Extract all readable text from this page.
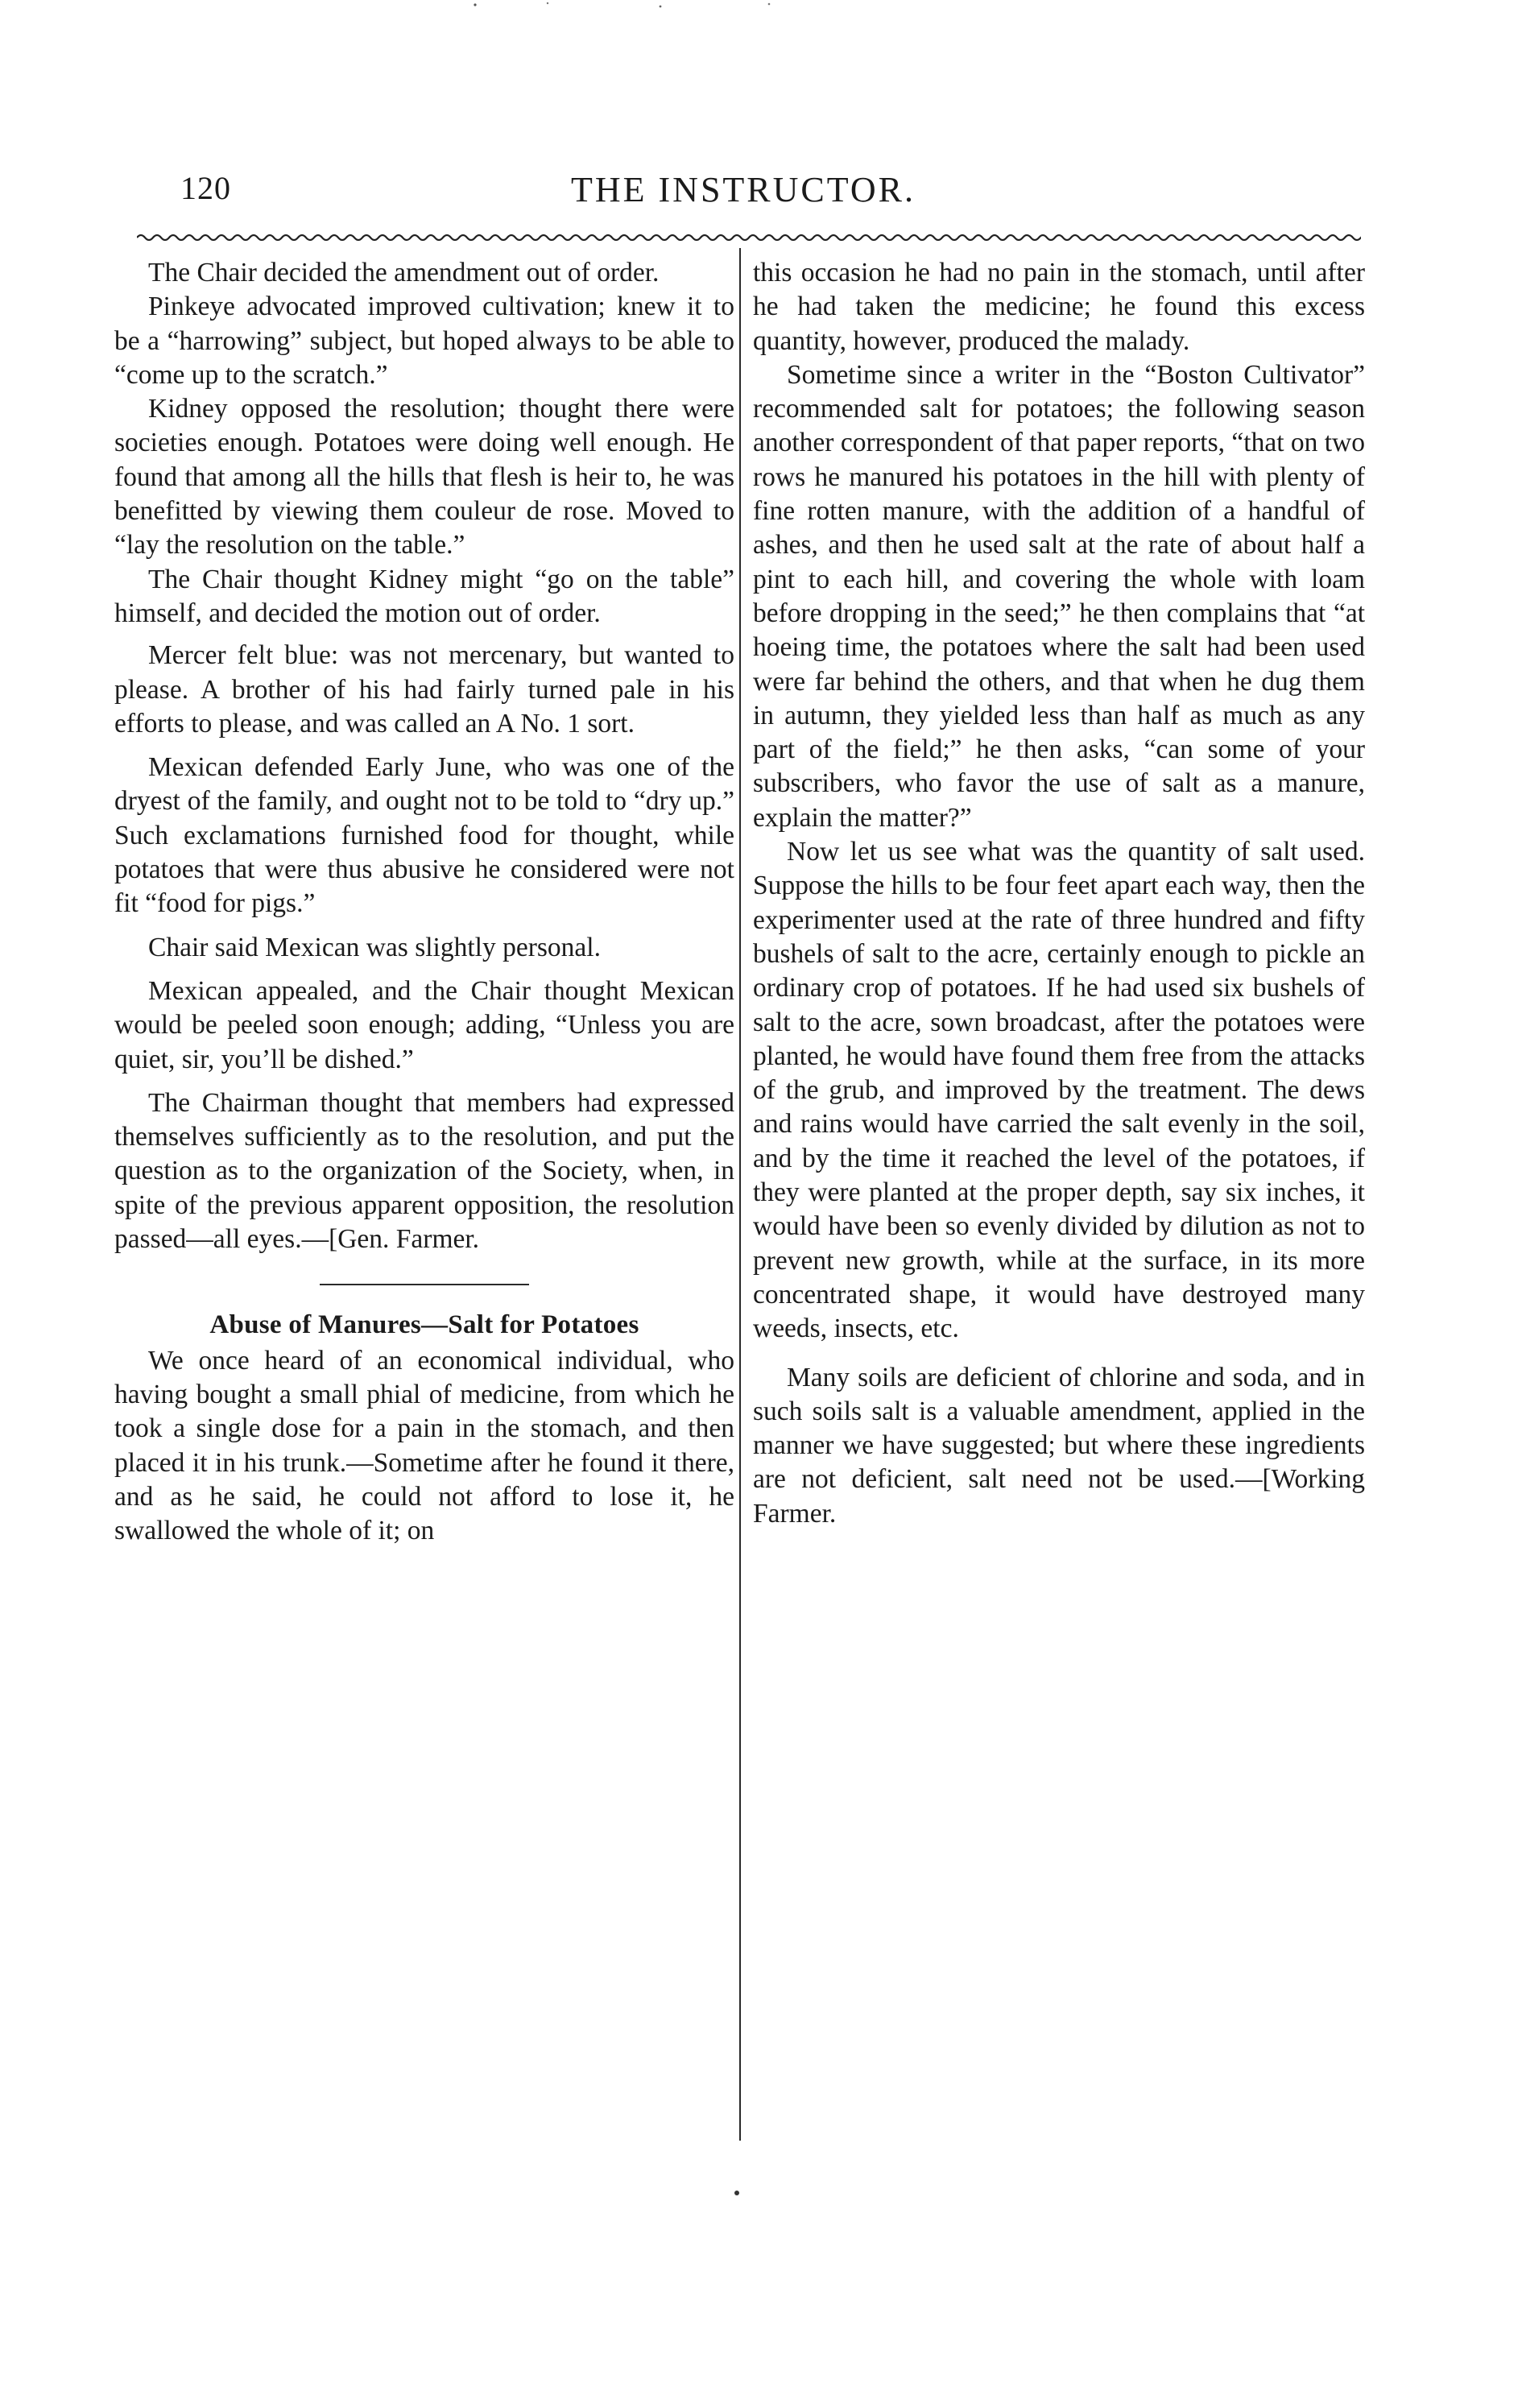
120	THE INSTRUCTOR.

The Chair decided the amendment out of order.

Pinkeye advocated improved cultivation; knew it to be a “harrowing” subject, but hoped always to be able to “come up to the scratch.”

Kidney opposed the resolution; thought there were societies enough. Potatoes were doing well enough. He found that among all the hills that flesh is heir to, he was benefitted by viewing them couleur de rose. Moved to “lay the resolution on the table.”

The Chair thought Kidney might “go on the table” himself, and decided the motion out of order.

Mercer felt blue: was not mercenary, but wanted to please. A brother of his had fairly turned pale in his efforts to please, and was called an A No. 1 sort.

Mexican defended Early June, who was one of the dryest of the family, and ought not to be told to “dry up.” Such exclamations furnished food for thought, while potatoes that were thus abusive he considered were not fit “food for pigs.”

Chair said Mexican was slightly personal.

Mexican appealed, and the Chair thought Mexican would be peeled soon enough; adding, “Unless you are quiet, sir, you’ll be dished.”

The Chairman thought that members had expressed themselves sufficiently as to the resolution, and put the question as to the organization of the Society, when, in spite of the previous apparent opposition, the resolution passed—all eyes.—[Gen. Farmer.

Abuse of Manures—Salt for Potatoes

We once heard of an economical individual, who having bought a small phial of medicine, from which he took a single dose for a pain in the stomach, and then placed it in his trunk.—Sometime after he found it there, and as he said, he could not afford to lose it, he swallowed the whole of it; on

this occasion he had no pain in the stomach, until after he had taken the medicine; he found this excess quantity, however, produced the malady.

Sometime since a writer in the “Boston Cultivator” recommended salt for potatoes; the following season another correspondent of that paper reports, “that on two rows he manured his potatoes in the hill with plenty of fine rotten manure, with the addition of a handful of ashes, and then he used salt at the rate of about half a pint to each hill, and covering the whole with loam before dropping in the seed;” he then complains that “at hoeing time, the potatoes where the salt had been used were far behind the others, and that when he dug them in autumn, they yielded less than half as much as any part of the field;” he then asks, “can some of your subscribers, who favor the use of salt as a manure, explain the matter?”

Now let us see what was the quantity of salt used. Suppose the hills to be four feet apart each way, then the experimenter used at the rate of three hundred and fifty bushels of salt to the acre, certainly enough to pickle an ordinary crop of potatoes. If he had used six bushels of salt to the acre, sown broadcast, after the potatoes were planted, he would have found them free from the attacks of the grub, and improved by the treatment. The dews and rains would have carried the salt evenly in the soil, and by the time it reached the level of the potatoes, if they were planted at the proper depth, say six inches, it would have been so evenly divided by dilution as not to prevent new growth, while at the surface, in its more concentrated shape, it would have destroyed many weeds, insects, etc.

Many soils are deficient of chlorine and soda, and in such soils salt is a valuable amendment, applied in the manner we have suggested; but where these ingredients are not deficient, salt need not be used.—[Working Farmer.
